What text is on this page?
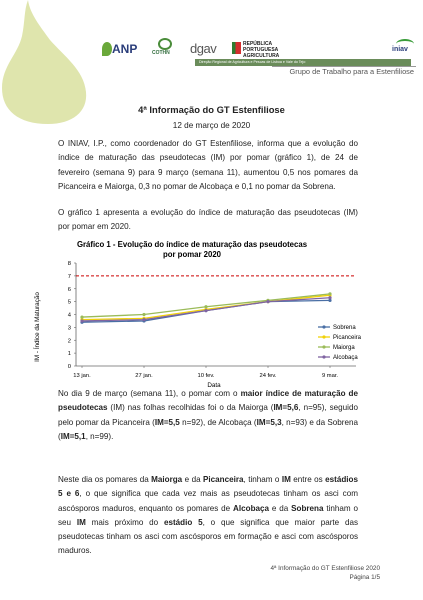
ANP	COTHN dgav	REPÚBLICA PORTUGUESA
AGRICULTURA

iniav
Direção Regional de Agricultura e Pescas de Lisboa e Vale do Tejo
Grupo de Trabalho para a Estenfiliose
4ª Informação do GT Estenfiliose

12 de março de 2020

O INIAV, I.P., como coordenador do GT Estenfiliose, informa que a evolução do índice de maturação das pseudotecas (IM) por pomar (gráfico 1), de 24 de fevereiro (semana 9) para 9 março (semana 11), aumentou 0,5 nos pomares da Picanceira e Maiorga, 0,3 no pomar de Alcobaça e 0,1 no pomar da Sobrena.

O gráfico 1 apresenta a evolução do índice de maturação das pseudotecas (IM) por pomar em 2020.

Gráfico 1 - Evolução do índice de maturação das pseudotecas
por pomar 2020
IM - Índice da Maturação
Data
0
1
2
3
4
5
6
7
8
13 jan.	27 jan.	10 fev.	24 fev.	9 mar.
Sobrena
Picanceira
Maiorga
Alcobaça

No dia 9 de março (semana 11), o pomar com o maior índice de maturação de pseudotecas (IM) nas folhas recolhidas foi o da Maiorga (IM=5,6, n=95), seguido pelo pomar da Picanceira (IM=5,5 n=92), de Alcobaça (IM=5,3, n=93) e da Sobrena (IM=5,1, n=99).

Neste dia os pomares da Maiorga e da Picanceira, tinham o IM entre os estádios 5 e 6, o que significa que cada vez mais as pseudotecas tinham os asci com ascósporos maduros, enquanto os pomares de Alcobaça e da Sobrena tinham o seu IM mais próximo do estádio 5, o que significa que maior parte das pseudotecas tinham os asci com ascósporos em formação e asci com ascósporos maduros.

4ª Informação do GT Estenfiliose 2020
Página 1/5
